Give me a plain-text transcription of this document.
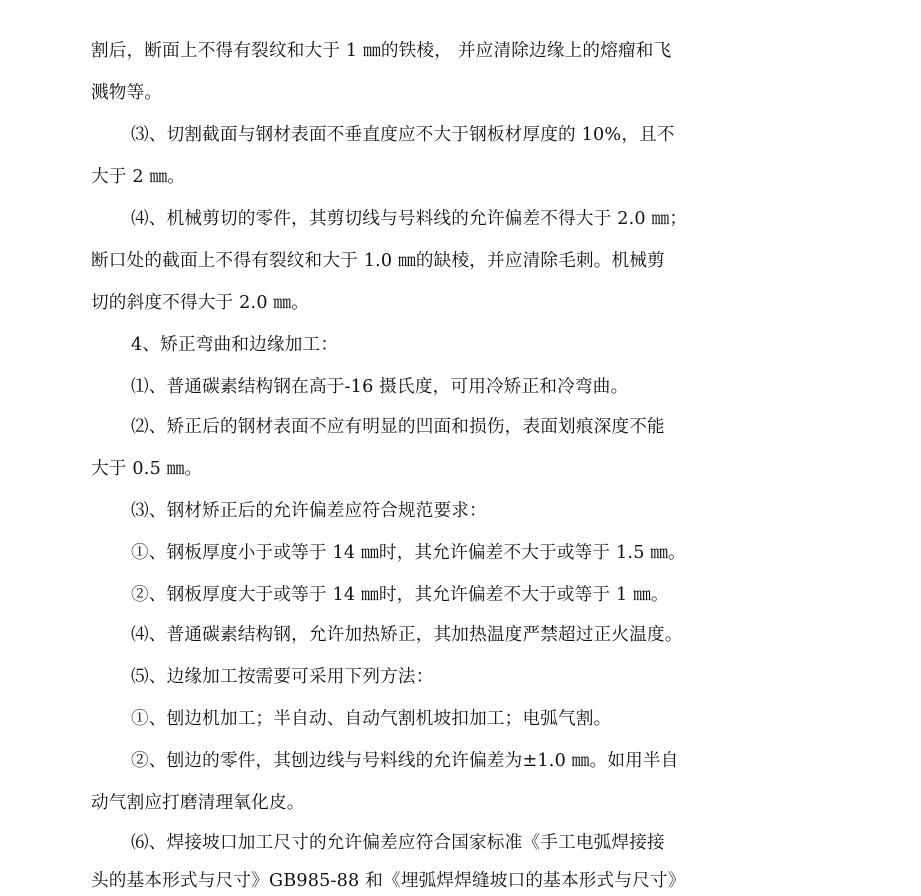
割后，断面上不得有裂纹和大于 1 ㎜的铁棱， 并应清除边缘上的熔瘤和飞
溅物等。
⑶、切割截面与钢材表面不垂直度应不大于钢板材厚度的 10%，且不
大于 2 ㎜。
⑷、机械剪切的零件，其剪切线与号料线的允许偏差不得大于 2.0 ㎜；
断口处的截面上不得有裂纹和大于 1.0 ㎜的缺棱，并应清除毛刺。机械剪
切的斜度不得大于 2.0 ㎜。
4、矫正弯曲和边缘加工：
⑴、普通碳素结构钢在高于-16 摄氏度，可用冷矫正和冷弯曲。
⑵、矫正后的钢材表面不应有明显的凹面和损伤，表面划痕深度不能
大于 0.5 ㎜。
⑶、钢材矫正后的允许偏差应符合规范要求：
①、钢板厚度小于或等于 14 ㎜时，其允许偏差不大于或等于 1.5 ㎜。
②、钢板厚度大于或等于 14 ㎜时，其允许偏差不大于或等于 1 ㎜。
⑷、普通碳素结构钢，允许加热矫正，其加热温度严禁超过正火温度。
⑸、边缘加工按需要可采用下列方法：
①、刨边机加工；半自动、自动气割机坡扣加工；电弧气割。
②、刨边的零件，其刨边线与号料线的允许偏差为±1.0 ㎜。如用半自
动气割应打磨清理氧化皮。
⑹、焊接坡口加工尺寸的允许偏差应符合国家标准《手工电弧焊接接
头的基本形式与尺寸》GB985-88 和《埋弧焊焊缝坡口的基本形式与尺寸》
